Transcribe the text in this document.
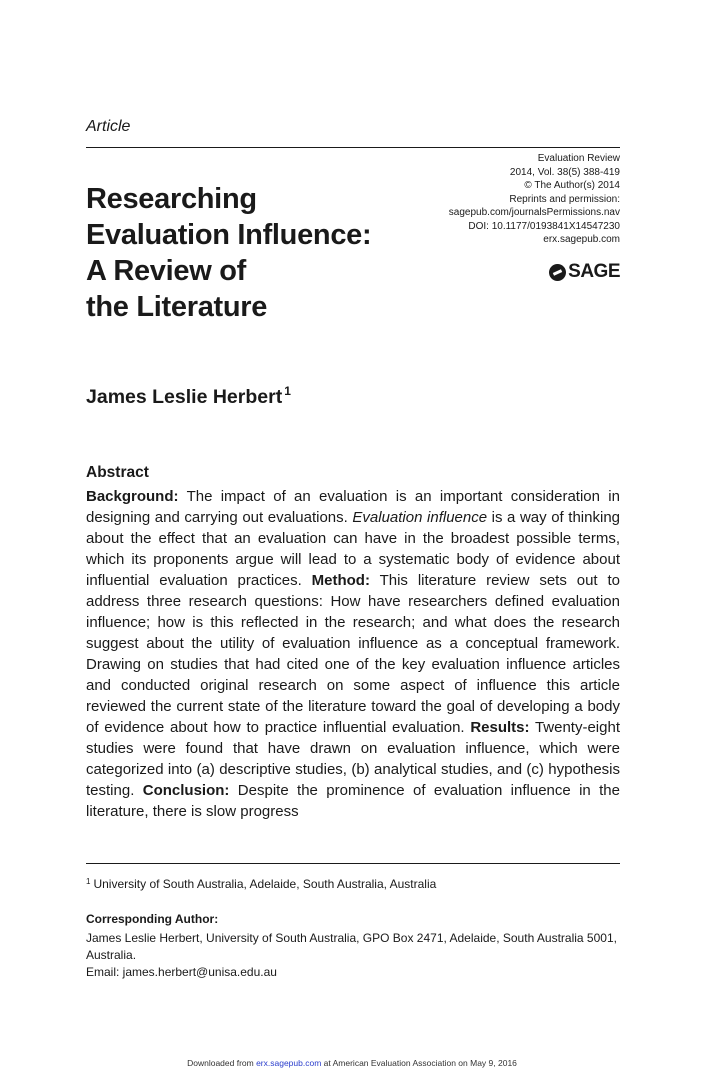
Article
Evaluation Review
2014, Vol. 38(5) 388-419
© The Author(s) 2014
Reprints and permission:
sagepub.com/journalsPermissions.nav
DOI: 10.1177/0193841X14547230
erx.sagepub.com
SAGE
Researching
Evaluation Influence:
A Review of
the Literature
James Leslie Herbert $^1$
Abstract
Background: The impact of an evaluation is an important consideration in designing and carrying out evaluations. Evaluation influence is a way of thinking about the effect that an evaluation can have in the broadest possible terms, which its proponents argue will lead to a systematic body of evidence about influential evaluation practices. Method: This literature review sets out to address three research questions: How have researchers defined evaluation influence; how is this reflected in the research; and what does the research suggest about the utility of evaluation influence as a conceptual framework. Drawing on studies that had cited one of the key evaluation influence articles and conducted original research on some aspect of influence this article reviewed the current state of the literature toward the goal of developing a body of evidence about how to practice influential evaluation. Results: Twenty-eight studies were found that have drawn on evaluation influence, which were categorized into (a) descriptive studies, (b) analytical studies, and (c) hypothesis testing. Conclusion: Despite the prominence of evaluation influence in the literature, there is slow progress
$^1$ University of South Australia, Adelaide, South Australia, Australia
Corresponding Author:
James Leslie Herbert, University of South Australia, GPO Box 2471, Adelaide, South Australia 5001, Australia.
Email: james.herbert@unisa.edu.au
Downloaded from erx.sagepub.com at American Evaluation Association on May 9, 2016
